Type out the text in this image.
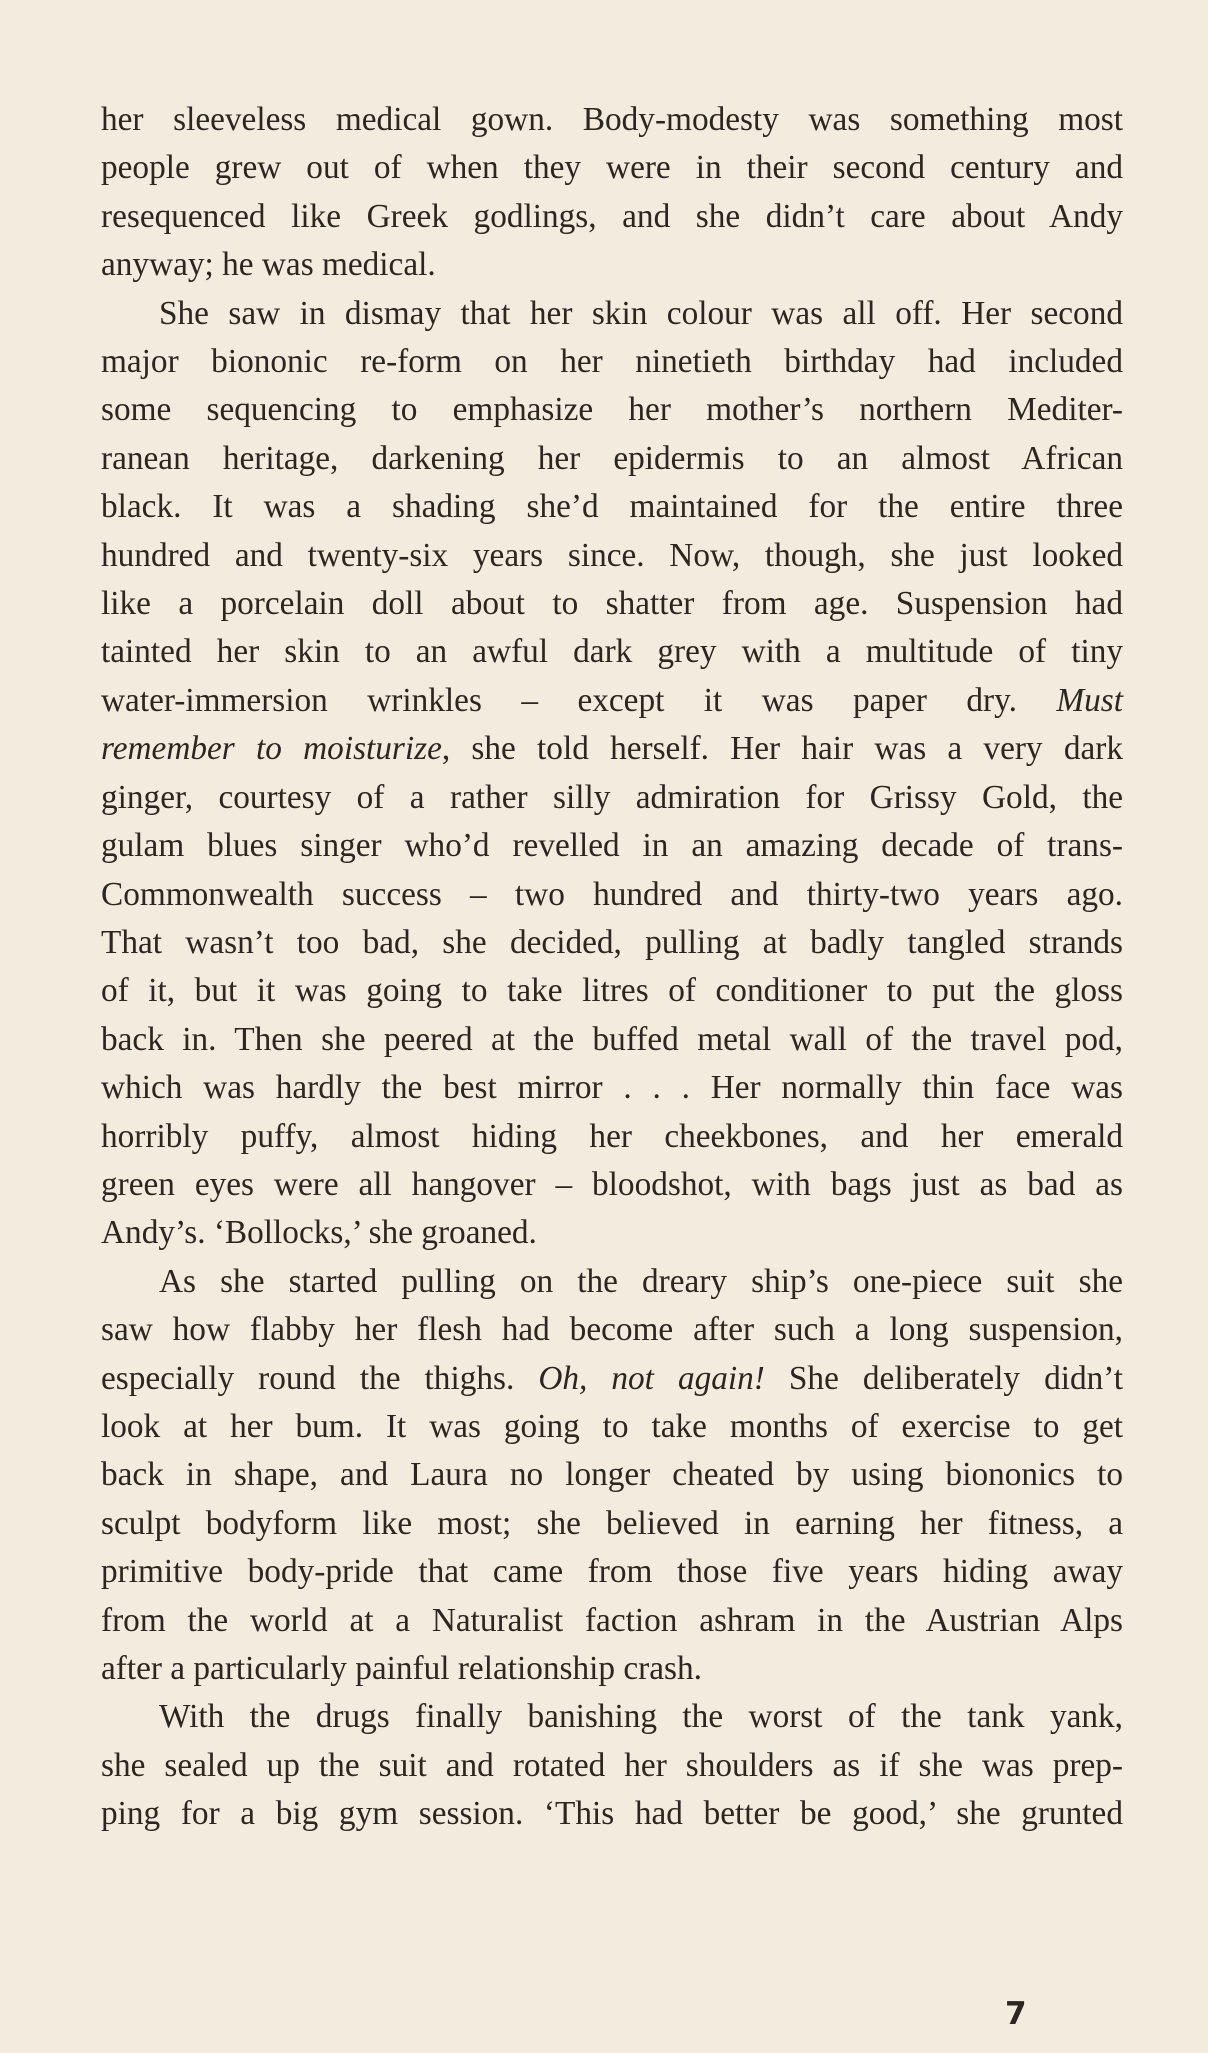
her sleeveless medical gown. Body-modesty was something most
people grew out of when they were in their second century and
resequenced like Greek godlings, and she didn’t care about Andy
anyway; he was medical.

She saw in dismay that her skin colour was all off. Her second
major biononic re-form on her ninetieth birthday had included
some sequencing to emphasize her mother’s northern Mediter-
ranean heritage, darkening her epidermis to an almost African
black. It was a shading she’d maintained for the entire three
hundred and twenty-six years since. Now, though, she just looked
like a porcelain doll about to shatter from age. Suspension had
tainted her skin to an awful dark grey with a multitude of tiny
water-immersion wrinkles – except it was paper dry. Must
remember to moisturize, she told herself. Her hair was a very dark
ginger, courtesy of a rather silly admiration for Grissy Gold, the
gulam blues singer who’d revelled in an amazing decade of trans-
Commonwealth success – two hundred and thirty-two years ago.
That wasn’t too bad, she decided, pulling at badly tangled strands
of it, but it was going to take litres of conditioner to put the gloss
back in. Then she peered at the buffed metal wall of the travel pod,
which was hardly the best mirror . . . Her normally thin face was
horribly puffy, almost hiding her cheekbones, and her emerald
green eyes were all hangover – bloodshot, with bags just as bad as
Andy’s. ‘Bollocks,’ she groaned.

As she started pulling on the dreary ship’s one-piece suit she
saw how flabby her flesh had become after such a long suspension,
especially round the thighs. Oh, not again! She deliberately didn’t
look at her bum. It was going to take months of exercise to get
back in shape, and Laura no longer cheated by using biononics to
sculpt bodyform like most; she believed in earning her fitness, a
primitive body-pride that came from those five years hiding away
from the world at a Naturalist faction ashram in the Austrian Alps
after a particularly painful relationship crash.

With the drugs finally banishing the worst of the tank yank,
she sealed up the suit and rotated her shoulders as if she was prep-
ping for a big gym session. ‘This had better be good,’ she grunted

7
